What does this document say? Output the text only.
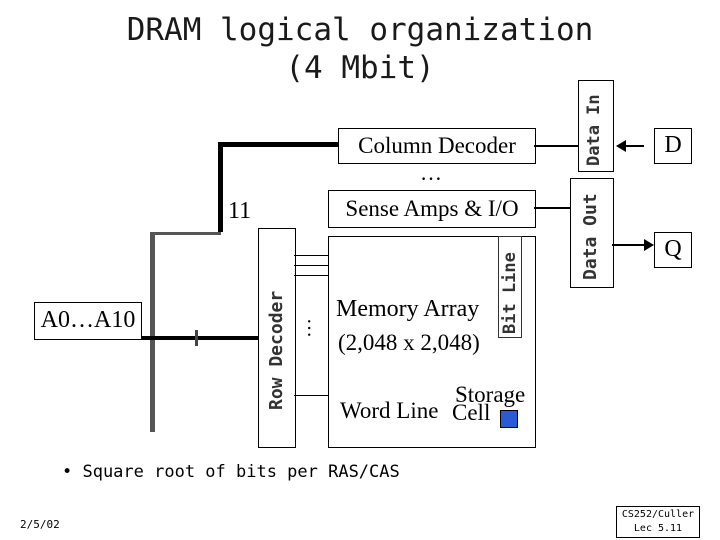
DRAM logical organization
(4 Mbit)
Row Decoder …
Column Decoder
…
Sense Amps & I/O
Memory Array
(2,048 x 2,048)
Bit Line
Word Line
Storage
Cell
Data In
Data Out
D
Q
11
A0…A10
• Square root of bits per RAS/CAS
2/5/02
CS252/Culler
Lec 5.11
